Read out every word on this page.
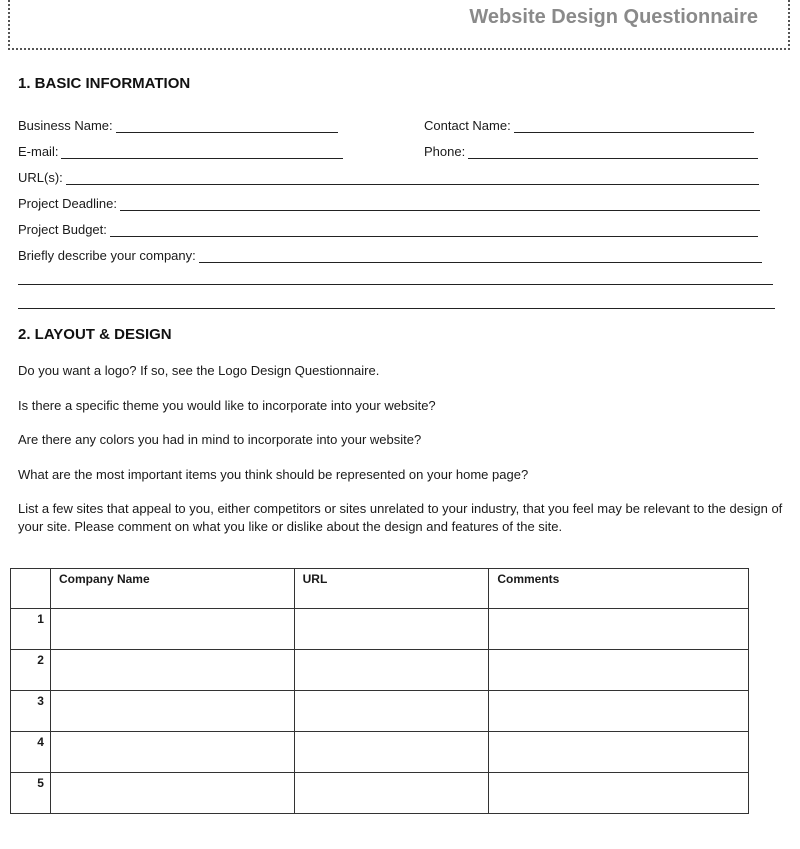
Website Design Questionnaire
1. BASIC INFORMATION
Business Name:	Contact Name:
E-mail:	Phone:
URL(s):
Project Deadline:
Project Budget:
Briefly describe your company:
2. LAYOUT & DESIGN
Do you want a logo? If so, see the Logo Design Questionnaire.
Is there a specific theme you would like to incorporate into your website?
Are there any colors you had in mind to incorporate into your website?
What are the most important items you think should be represented on your home page?
List a few sites that appeal to you, either competitors or sites unrelated to your industry, that you feel may be relevant to the design of your site. Please comment on what you like or dislike about the design and features of the site.
	Company Name	URL	Comments
1			
2			
3			
4			
5			
